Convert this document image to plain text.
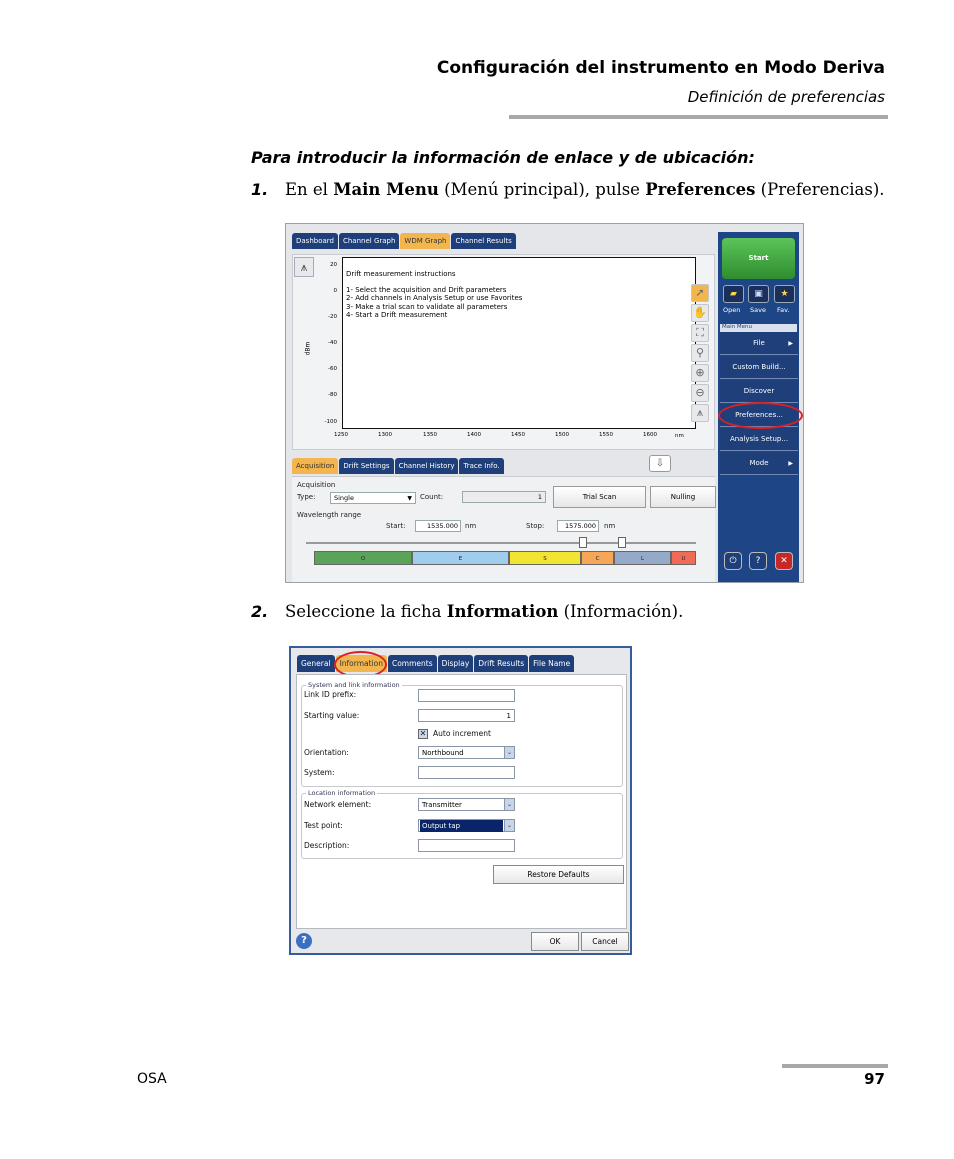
Configuración del instrumento en Modo Deriva
Definición de preferencias
Para introducir la información de enlace y de ubicación:
1. En el Main Menu (Menú principal), pulse Preferences (Preferencias).
Dashboard	Channel Graph	WDM Graph	Channel Results
⩚
dBm
Drift measurement instructions
1- Select the acquisition and Drift parameters
2- Add channels in Analysis Setup or use Favorites
3- Make a trial scan to validate all parameters
4- Start a Drift measurement
20
0
-20
-40
-60
-80
-100
1250	1300	1350	1400	1450	1500	1550	1600	nm
➚
✋
⛶
⚲
⊕
⊖
⩚
Start
▰	▣	★
Open Save Fav.
Main Menu
File	▶
Custom Build...
Discover
Preferences...
Analysis Setup...
Mode	▶
⏻	?	✕
Acquisition	Drift Settings	Channel History	Trace Info.	⇩
Acquisition
Type:	Single	▼ Count:	1	Trial Scan	Nulling
Wavelength range
Start:	1535.000	nm	Stop:	1575.000	nm
O	E	S	C	L	U
2. Seleccione la ficha Information (Información).
General	Information	Comments	Display	Drift Results	File Name
System and link information
Link ID prefix:
Starting value:	1
✕ Auto increment
Orientation:	Northbound	⌄
System:
Location information
Network element:	Transmitter	⌄
Test point:	Output tap	⌄
Description:
Restore Defaults
?	OK	Cancel
OSA	97
